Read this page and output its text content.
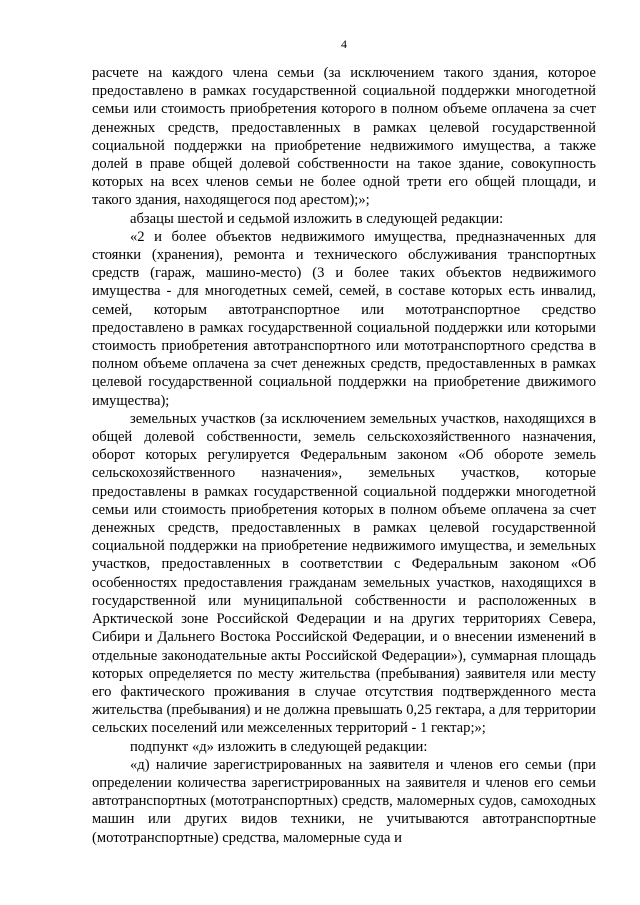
4

расчете на каждого члена семьи (за исключением такого здания, которое предоставлено в рамках государственной социальной поддержки многодетной семьи или стоимость приобретения которого в полном объеме оплачена за счет денежных средств, предоставленных в рамках целевой государственной социальной поддержки на приобретение недвижимого имущества, а также долей в праве общей долевой собственности на такое здание, совокупность которых на всех членов семьи не более одной трети его общей площади, и такого здания, находящегося под арестом);»;

абзацы шестой и седьмой изложить в следующей редакции:

«2 и более объектов недвижимого имущества, предназначенных для стоянки (хранения), ремонта и технического обслуживания транспортных средств (гараж, машино-место) (3 и более таких объектов недвижимого имущества - для многодетных семей, семей, в составе которых есть инвалид, семей, которым автотранспортное или мототранспортное средство предоставлено в рамках государственной социальной поддержки или которыми стоимость приобретения автотранспортного или мототранспортного средства в полном объеме оплачена за счет денежных средств, предоставленных в рамках целевой государственной социальной поддержки на приобретение движимого имущества);

земельных участков (за исключением земельных участков, находящихся в общей долевой собственности, земель сельскохозяйственного назначения, оборот которых регулируется Федеральным законом «Об обороте земель сельскохозяйственного назначения», земельных участков, которые предоставлены в рамках государственной социальной поддержки многодетной семьи или стоимость приобретения которых в полном объеме оплачена за счет денежных средств, предоставленных в рамках целевой государственной социальной поддержки на приобретение недвижимого имущества, и земельных участков, предоставленных в соответствии с Федеральным законом «Об особенностях предоставления гражданам земельных участков, находящихся в государственной или муниципальной собственности и расположенных в Арктической зоне Российской Федерации и на других территориях Севера, Сибири и Дальнего Востока Российской Федерации, и о внесении изменений в отдельные законодательные акты Российской Федерации»), суммарная площадь которых определяется по месту жительства (пребывания) заявителя или месту его фактического проживания в случае отсутствия подтвержденного места жительства (пребывания) и не должна превышать 0,25 гектара, а для территории сельских поселений или межселенных территорий - 1 гектар;»;

подпункт «д» изложить в следующей редакции:

«д) наличие зарегистрированных на заявителя и членов его семьи (при определении количества зарегистрированных на заявителя и членов его семьи автотранспортных (мототранспортных) средств, маломерных судов, самоходных машин или других видов техники, не учитываются автотранспортные (мототранспортные) средства, маломерные суда и
